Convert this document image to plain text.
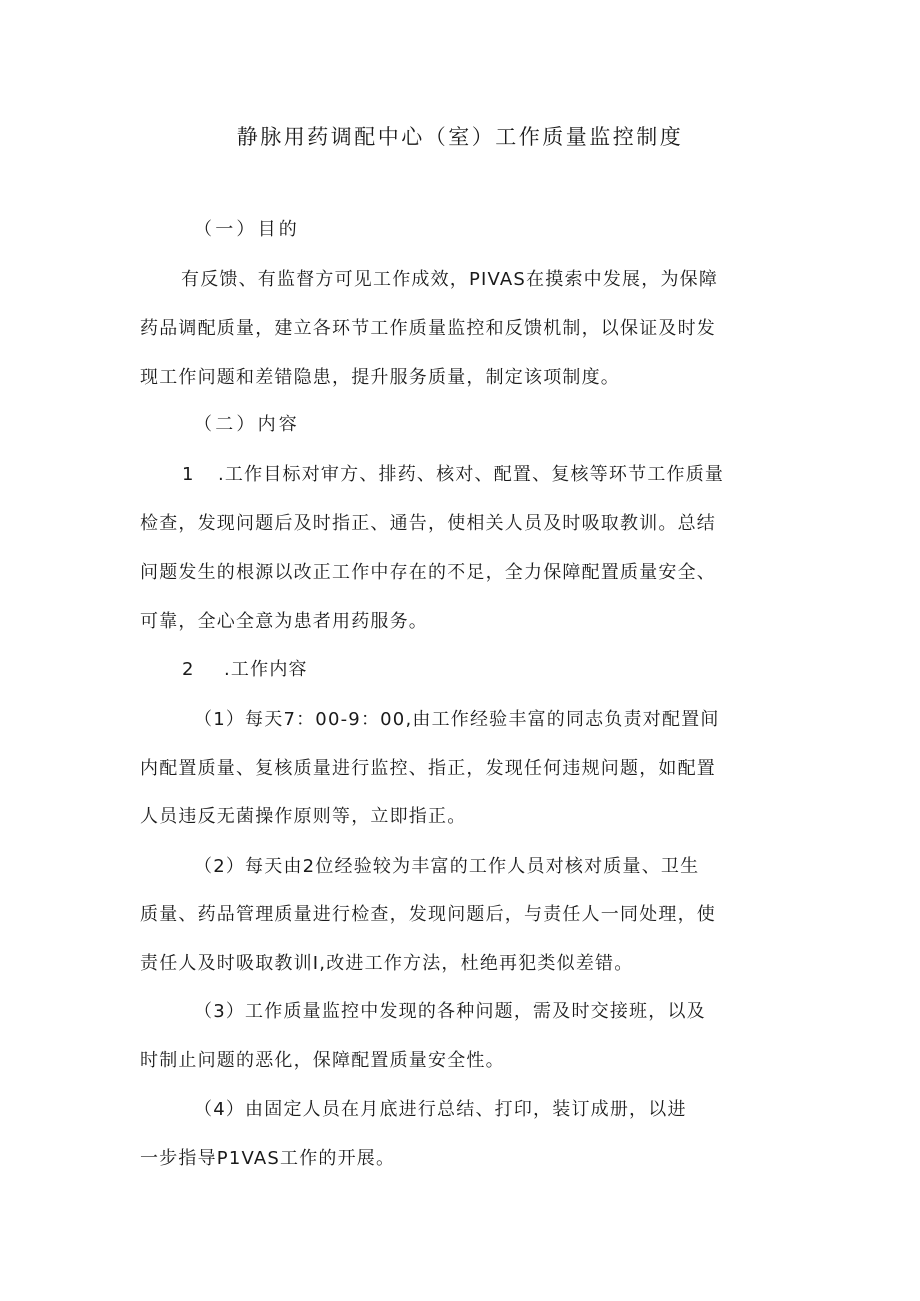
静脉用药调配中心（室）工作质量监控制度
（一）目的
有反馈、有监督方可见工作成效，PIVAS在摸索中发展，为保障
药品调配质量，建立各环节工作质量监控和反馈机制，以保证及时发
现工作问题和差错隐患，提升服务质量，制定该项制度。
（二）内容
1 .工作目标对审方、排药、核对、配置、复核等环节工作质量
检查，发现问题后及时指正、通告，使相关人员及时吸取教训。总结
问题发生的根源以改正工作中存在的不足，全力保障配置质量安全、
可靠，全心全意为患者用药服务。
2 .工作内容
（1）每天7：00-9：00,由工作经验丰富的同志负责对配置间
内配置质量、复核质量进行监控、指正，发现任何违规问题，如配置
人员违反无菌操作原则等，立即指正。
（2）每天由2位经验较为丰富的工作人员对核对质量、卫生
质量、药品管理质量进行检查，发现问题后，与责任人一同处理，使
责任人及时吸取教训I,改进工作方法，杜绝再犯类似差错。
（3）工作质量监控中发现的各种问题，需及时交接班，以及
时制止问题的恶化，保障配置质量安全性。
（4）由固定人员在月底进行总结、打印，装订成册，以进
一步指导P1VAS工作的开展。
